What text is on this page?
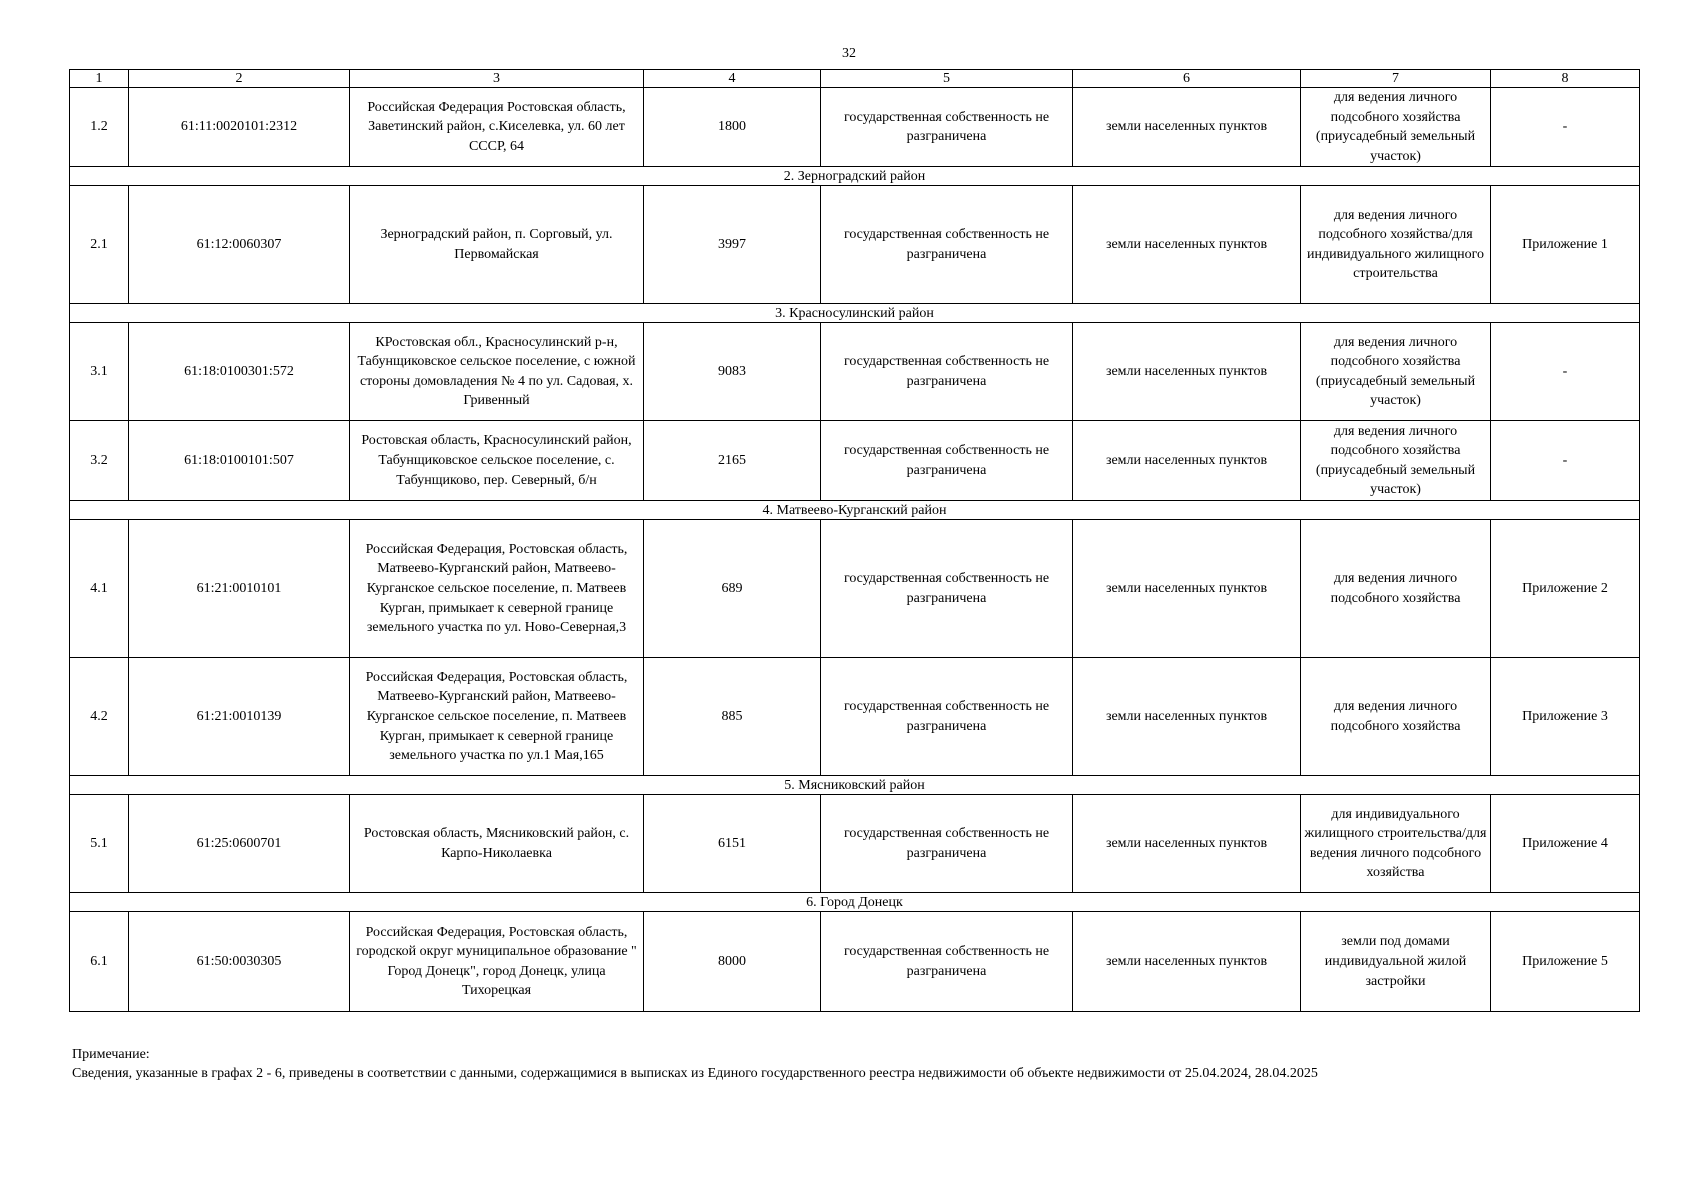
32
1	2	3	4	5	6	7	8
1.2	61:11:0020101:2312	Российская Федерация Ростовская область, Заветинский район, с.Киселевка, ул. 60 лет СССР, 64	1800	государственная собственность не разграничена	земли населенных пунктов	для ведения личного подсобного хозяйства (приусадебный земельный участок)	-
2. Зерноградский район							
2.1	61:12:0060307	Зерноградский район, п. Сорговый, ул. Первомайская	3997	государственная собственность не разграничена	земли населенных пунктов	для ведения личного подсобного хозяйства/для индивидуального жилищного строительства	Приложение 1
3. Красносулинский район							
3.1	61:18:0100301:572	КРостовская обл., Красносулинский р-н, Табунщиковское сельское поселение, с южной стороны домовладения № 4 по ул. Садовая, х. Гривенный	9083	государственная собственность не разграничена	земли населенных пунктов	для ведения личного подсобного хозяйства (приусадебный земельный участок)	-
3.2	61:18:0100101:507	Ростовская область, Красносулинский район, Табунщиковское сельское поселение, с. Табунщиково, пер. Северный, б/н	2165	государственная собственность не разграничена	земли населенных пунктов	для ведения личного подсобного хозяйства (приусадебный земельный участок)	-
4. Матвеево-Курганский район							
4.1	61:21:0010101	Российская Федерация, Ростовская область, Матвеево-Курганский район, Матвеево-Курганское сельское поселение, п. Матвеев Курган, примыкает к северной границе земельного участка по ул. Ново-Северная,3	689	государственная собственность не разграничена	земли населенных пунктов	для ведения личного подсобного хозяйства	Приложение 2
4.2	61:21:0010139	Российская Федерация, Ростовская область, Матвеево-Курганский район, Матвеево-Курганское сельское поселение, п. Матвеев Курган, примыкает к северной границе земельного участка по ул.1 Мая,165	885	государственная собственность не разграничена	земли населенных пунктов	для ведения личного подсобного хозяйства	Приложение 3
5. Мясниковский район							
5.1	61:25:0600701	Ростовская область, Мясниковский район, с. Карпо-Николаевка	6151	государственная собственность не разграничена	земли населенных пунктов	для индивидуального жилищного строительства/для ведения личного подсобного хозяйства	Приложение 4
6. Город Донецк							
6.1	61:50:0030305	Российская Федерация, Ростовская область, городской округ муниципальное образование " Город Донецк", город Донецк, улица Тихорецкая	8000	государственная собственность не разграничена	земли населенных пунктов	земли под домами индивидуальной жилой застройки	Приложение 5
Примечание:
Сведения, указанные в графах 2 - 6, приведены в соответствии с данными, содержащимися в выписках из Единого государственного реестра недвижимости об объекте недвижимости от 25.04.2024, 28.04.2025
